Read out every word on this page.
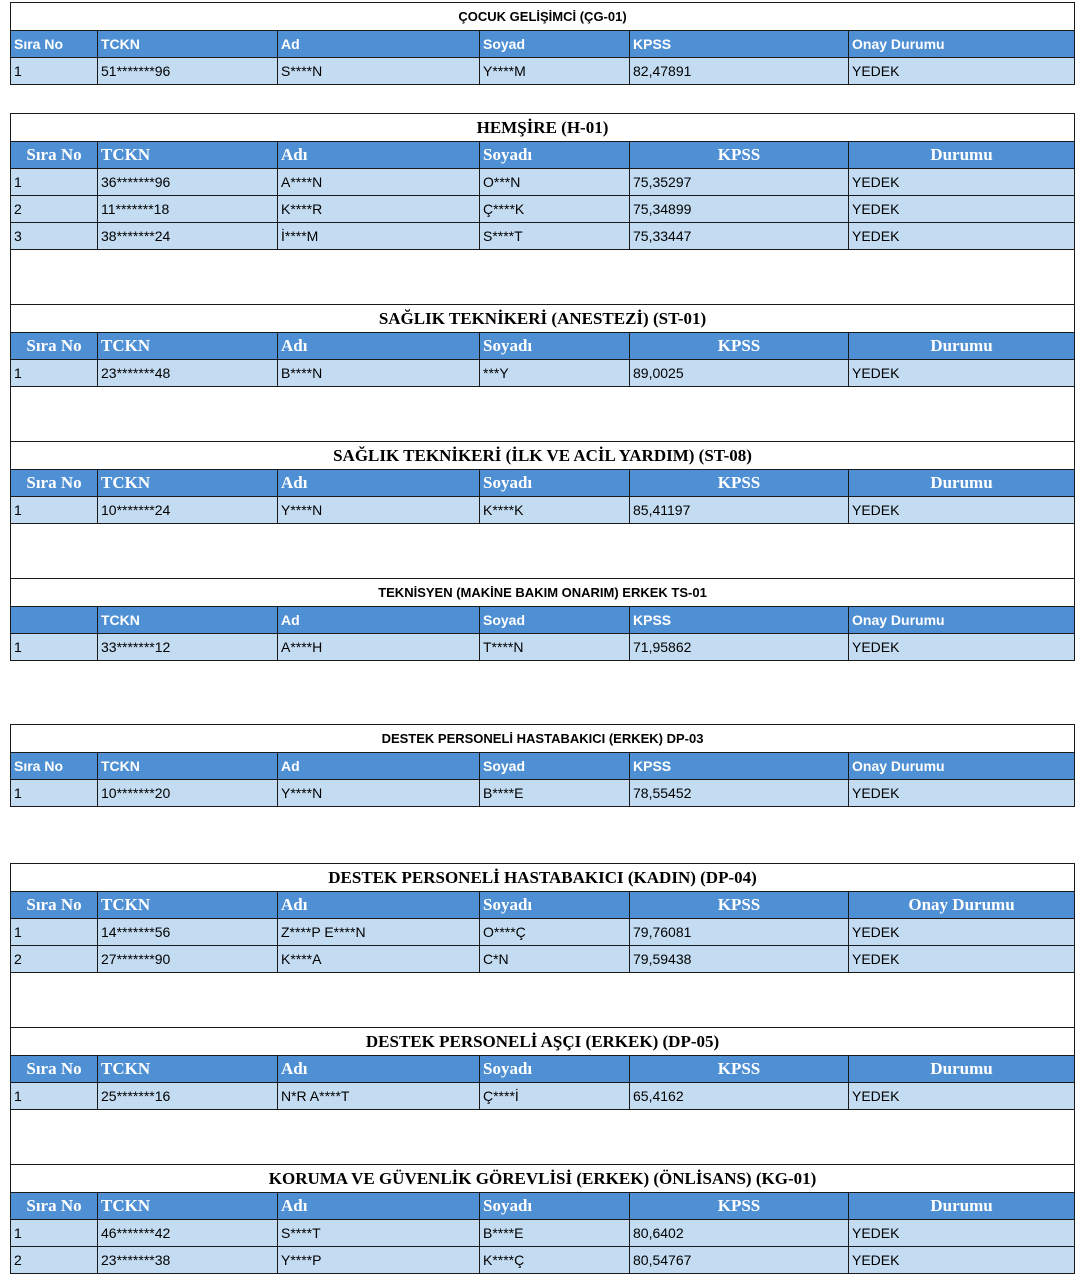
ÇOCUK GELİŞİMCİ (ÇG-01)					
Sıra No	TCKN	Ad	Soyad	KPSS	Onay Durumu
1	51*******96	S****N	Y****M	82,47891	YEDEK
HEMŞİRE (H-01)					
Sıra No	TCKN	Adı	Soyadı	KPSS	Durumu
1	36*******96	A****N	O***N	75,35297	YEDEK
2	11*******18	K****R	Ç****K	75,34899	YEDEK
3	38*******24	İ****M	S****T	75,33447	YEDEK

SAĞLIK TEKNİKERİ (ANESTEZİ) (ST-01)					
Sıra No	TCKN	Adı	Soyadı	KPSS	Durumu
1	23*******48	B****N	***Y	89,0025	YEDEK

SAĞLIK TEKNİKERİ (İLK VE ACİL YARDIM) (ST-08)					
Sıra No	TCKN	Adı	Soyadı	KPSS	Durumu
1	10*******24	Y****N	K****K	85,41197	YEDEK

TEKNİSYEN (MAKİNE BAKIM ONARIM) ERKEK TS-01					
	TCKN	Ad	Soyad	KPSS	Onay Durumu
1	33*******12	A****H	T****N	71,95862	YEDEK
DESTEK PERSONELİ HASTABAKICI (ERKEK) DP-03					
Sıra No	TCKN	Ad	Soyad	KPSS	Onay Durumu
1	10*******20	Y****N	B****E	78,55452	YEDEK
DESTEK PERSONELİ HASTABAKICI (KADIN) (DP-04)					
Sıra No	TCKN	Adı	Soyadı	KPSS	Onay Durumu
1	14*******56	Z****P E****N	O****Ç	79,76081	YEDEK
2	27*******90	K****A	C*N	79,59438	YEDEK

DESTEK PERSONELİ AŞÇI (ERKEK) (DP-05)					
Sıra No	TCKN	Adı	Soyadı	KPSS	Durumu
1	25*******16	N*R A****T	Ç****İ	65,4162	YEDEK

KORUMA VE GÜVENLİK GÖREVLİSİ (ERKEK) (ÖNLİSANS) (KG-01)					
Sıra No	TCKN	Adı	Soyadı	KPSS	Durumu
1	46*******42	S****T	B****E	80,6402	YEDEK
2	23*******38	Y****P	K****Ç	80,54767	YEDEK
